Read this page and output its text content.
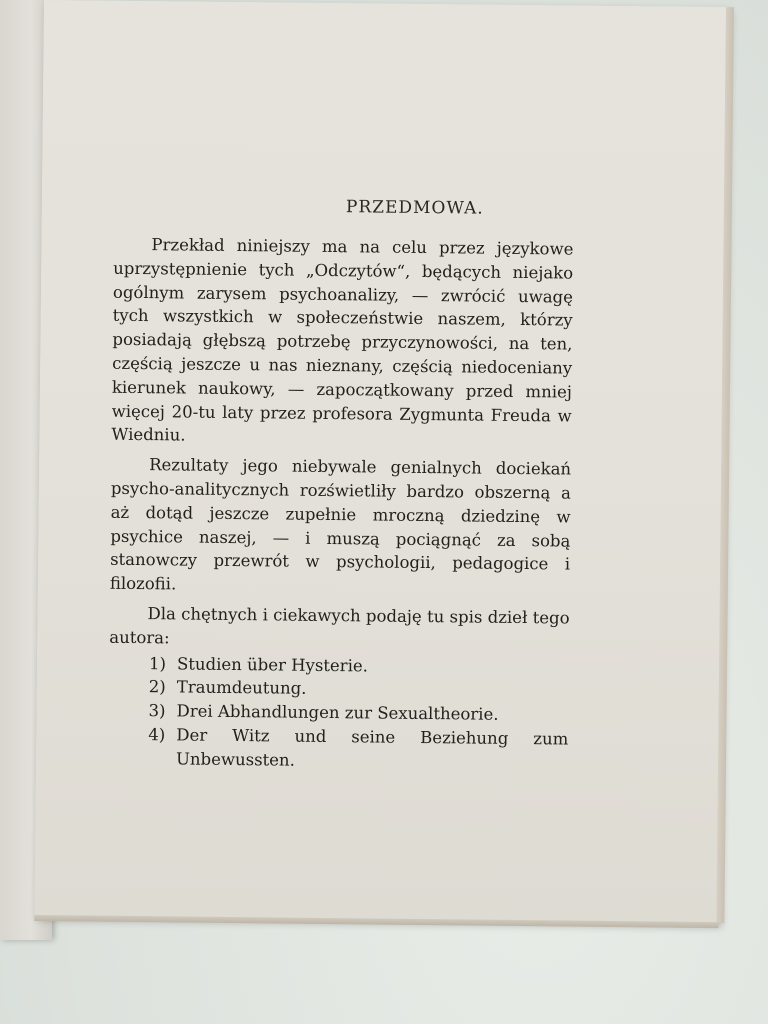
PRZEDMOWA.

Przekład niniejszy ma na celu przez językowe uprzystępnienie tych „Odczytów“, będących niejako ogólnym zarysem psychoanalizy, — zwrócić uwagę tych wszystkich w społeczeństwie naszem, którzy posiadają głębszą potrzebę przyczynowości, na ten, częścią jeszcze u nas nieznany, częścią niedoceniany kierunek naukowy, — zapoczątkowany przed mniej więcej 20-tu laty przez profesora Zygmunta Freuda w Wiedniu.

Rezultaty jego niebywale genialnych dociekań psycho-analitycznych rozświetliły bardzo obszerną a aż dotąd jeszcze zupełnie mroczną dziedzinę w psychice naszej, — i muszą pociągnąć za sobą stanowczy przewrót w psychologii, pedagogice i filozofii.

Dla chętnych i ciekawych podaję tu spis dzieł tego autora:

1) Studien über Hysterie.
2) Traumdeutung.
3) Drei Abhandlungen zur Sexualtheorie.
4) Der Witz und seine Beziehung zum Unbewussten.
